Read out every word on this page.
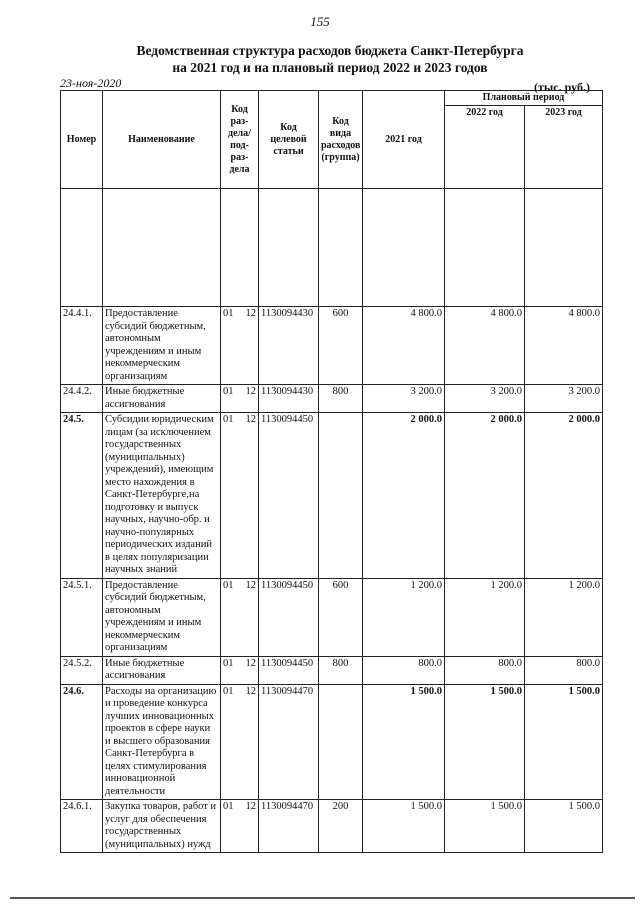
155
Ведомственная структура расходов бюджета Санкт-Петербурга
на 2021 год и на плановый период 2022 и 2023 годов
23-ноя-2020	(тыс. руб.)
Номер	Наименование	Код раз-дела/ под-раз-дела	Код целевой статьи	Код вида расходов (группа)	2021 год	Плановый период	
						2022 год	2023 год

24.4.1.	Предоставление субсидий бюджетным, автономным учреждениям и иным некоммерческим организациям	01 12	1130094430	600	4 800.0	4 800.0	4 800.0
24.4.2.	Иные бюджетные ассигнования	01 12	1130094430	800	3 200.0	3 200.0	3 200.0
24.5.	Субсидии юридическим лицам (за исключением государственных (муниципальных) учреждений), имеющим место нахождения в Санкт-Петербурге,на подготовку и выпуск научных, научно-обр. и научно-популярных периодических изданий в целях популяризации научных знаний	01 12	1130094450		2 000.0	2 000.0	2 000.0
24.5.1.	Предоставление субсидий бюджетным, автономным учреждениям и иным некоммерческим организациям	01 12	1130094450	600	1 200.0	1 200.0	1 200.0
24.5.2.	Иные бюджетные ассигнования	01 12	1130094450	800	800.0	800.0	800.0
24.6.	Расходы на организацию и проведение конкурса лучших инновационных проектов в сфере науки и высшего образования Санкт-Петербурга в целях стимулирования инновационной деятельности	01 12	1130094470		1 500.0	1 500.0	1 500.0
24.6.1.	Закупка товаров, работ и услуг для обеспечения государственных (муниципальных) нужд	01 12	1130094470	200	1 500.0	1 500.0	1 500.0
